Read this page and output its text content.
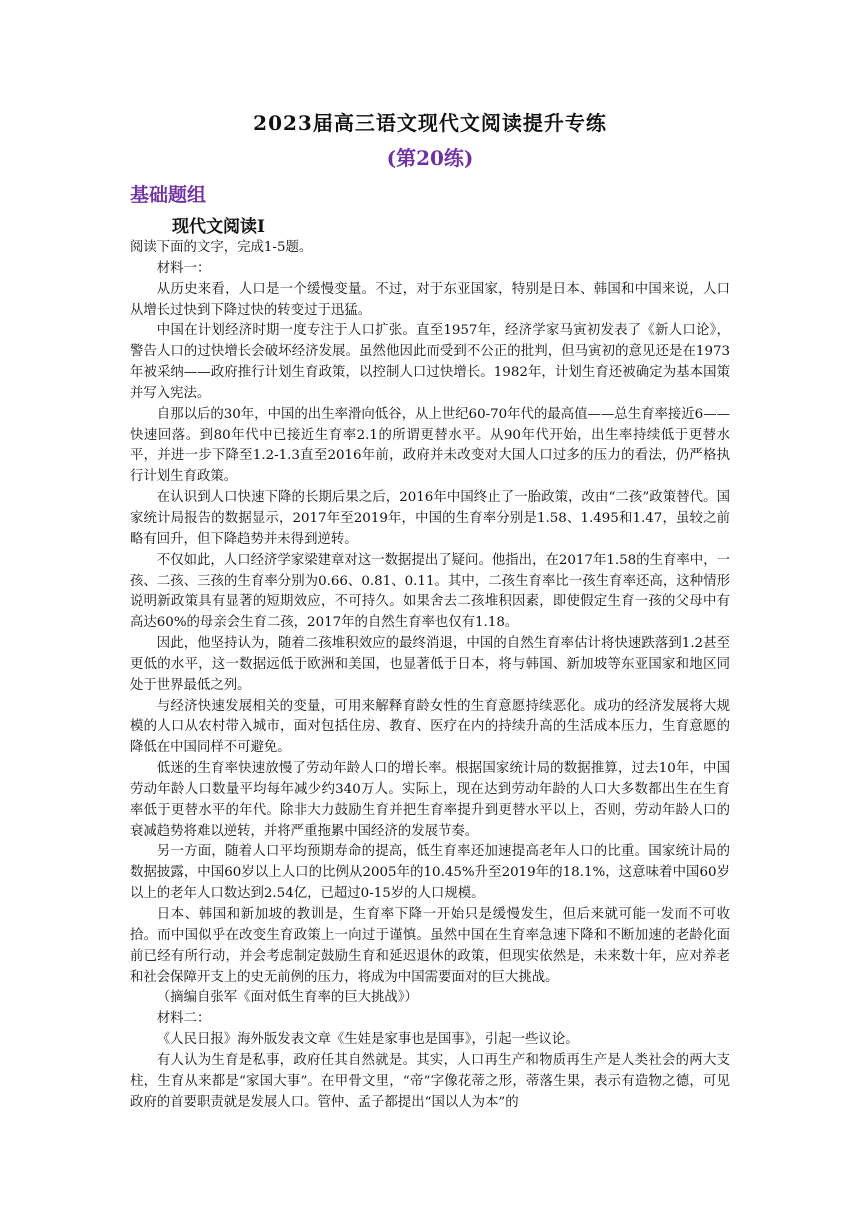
2023届高三语文现代文阅读提升专练
(第20练)
基础题组
现代文阅读Ⅰ

阅读下面的文字，完成1-5题。

材料一：

从历史来看，人口是一个缓慢变量。不过，对于东亚国家，特别是日本、韩国和中国来说，人口从增长过快到下降过快的转变过于迅猛。

中国在计划经济时期一度专注于人口扩张。直至1957年，经济学家马寅初发表了《新人口论》，警告人口的过快增长会破坏经济发展。虽然他因此而受到不公正的批判，但马寅初的意见还是在1973年被采纳——政府推行计划生育政策，以控制人口过快增长。1982年，计划生育还被确定为基本国策并写入宪法。

自那以后的30年，中国的出生率滑向低谷，从上世纪60-70年代的最高值——总生育率接近6——快速回落。到80年代中已接近生育率2.1的所谓更替水平。从90年代开始，出生率持续低于更替水平，并进一步下降至1.2-1.3直至2016年前，政府并未改变对大国人口过多的压力的看法，仍严格执行计划生育政策。

在认识到人口快速下降的长期后果之后，2016年中国终止了一胎政策，改由“二孩”政策替代。国家统计局报告的数据显示，2017年至2019年，中国的生育率分别是1.58、1.495和1.47，虽较之前略有回升，但下降趋势并未得到逆转。

不仅如此，人口经济学家梁建章对这一数据提出了疑问。他指出，在2017年1.58的生育率中，一孩、二孩、三孩的生育率分别为0.66、0.81、0.11。其中，二孩生育率比一孩生育率还高，这种情形说明新政策具有显著的短期效应，不可持久。如果舍去二孩堆积因素，即使假定生育一孩的父母中有高达60%的母亲会生育二孩，2017年的自然生育率也仅有1.18。

因此，他坚持认为，随着二孩堆积效应的最终消退，中国的自然生育率估计将快速跌落到1.2甚至更低的水平，这一数据远低于欧洲和美国，也显著低于日本，将与韩国、新加坡等东亚国家和地区同处于世界最低之列。

与经济快速发展相关的变量，可用来解释育龄女性的生育意愿持续恶化。成功的经济发展将大规模的人口从农村带入城市，面对包括住房、教育、医疗在内的持续升高的生活成本压力，生育意愿的降低在中国同样不可避免。

低迷的生育率快速放慢了劳动年龄人口的增长率。根据国家统计局的数据推算，过去10年，中国劳动年龄人口数量平均每年减少约340万人。实际上，现在达到劳动年龄的人口大多数都出生在生育率低于更替水平的年代。除非大力鼓励生育并把生育率提升到更替水平以上，否则，劳动年龄人口的衰减趋势将难以逆转，并将严重拖累中国经济的发展节奏。

另一方面，随着人口平均预期寿命的提高，低生育率还加速提高老年人口的比重。国家统计局的数据披露，中国60岁以上人口的比例从2005年的10.45%升至2019年的18.1%，这意味着中国60岁以上的老年人口数达到2.54亿，已超过0-15岁的人口规模。

日本、韩国和新加坡的教训是，生育率下降一开始只是缓慢发生，但后来就可能一发而不可收拾。而中国似乎在改变生育政策上一向过于谨慎。虽然中国在生育率急速下降和不断加速的老龄化面前已经有所行动，并会考虑制定鼓励生育和延迟退休的政策，但现实依然是，未来数十年，应对养老和社会保障开支上的史无前例的压力，将成为中国需要面对的巨大挑战。

（摘编自张军《面对低生育率的巨大挑战》）

材料二：

《人民日报》海外版发表文章《生娃是家事也是国事》，引起一些议论。

有人认为生育是私事，政府任其自然就是。其实，人口再生产和物质再生产是人类社会的两大支柱，生育从来都是“家国大事”。在甲骨文里，“帝”字像花蒂之形，蒂落生果，表示有造物之德，可见政府的首要职责就是发展人口。管仲、孟子都提出“国以人为本”的
